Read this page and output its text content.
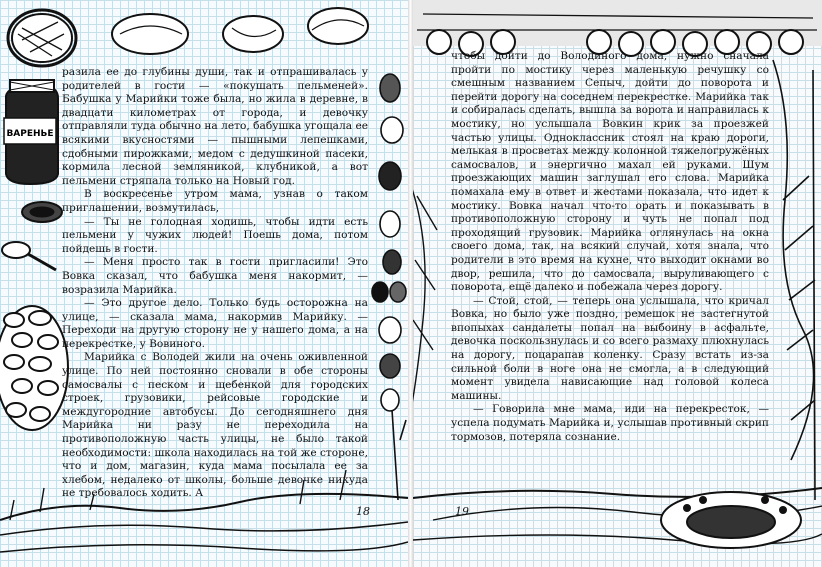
ВАРЕНЬЕ

разила ее до глубины души, так и отпрашивалась у родителей в гости — «покушать пельменей». Бабушка у Марийки тоже была, но жила в деревне, в двадцати километрах от города, и девочку отправляли туда обычно на лето, бабушка угощала ее всякими вкусностями — пышными лепешками, сдобными пирожками, медом с дедушкиной пасеки, кормила лесной земляникой, клубникой, а вот пельмени стряпала только на Новый год.

В воскресенье утром мама, узнав о таком приглашении, возмутилась,

— Ты не голодная ходишь, чтобы идти есть пельмени у чужих людей! Поешь дома, потом пойдешь в гости.

— Меня просто так в гости пригласили! Это Вовка сказал, что бабушка меня накормит, — возразила Марийка.

— Это другое дело. Только будь осторожна на улице, — сказала мама, накормив Марийку. — Переходи на другую сторону не у нашего дома, а на перекрестке, у Вовиного.

Марийка с Володей жили на очень оживленной улице. По ней постоянно сновали в обе стороны самосвалы с песком и щебенкой для городских строек, грузовики, рейсовые городские и междугородние автобусы. До сегодняшнего дня Марийка ни разу не переходила на противоположную часть улицы, не было такой необходимости: школа находилась на той же стороне, что и дом, магазин, куда мама посылала ее за хлебом, недалеко от школы, больше девочке никуда не требовалось ходить. А

18

чтобы дойти до Володиного дома, нужно сначала пройти по мостику через маленькую речушку со смешным названием Сепыч, дойти до поворота и перейти дорогу на соседнем перекрестке. Марийка так и собиралась сделать, вышла за ворота и направилась к мостику, но услышала Вовкин крик за проезжей частью улицы. Одноклассник стоял на краю дороги, мелькая в просветах между колонной тяжелогружёных самосвалов, и энергично махал ей руками. Шум проезжающих машин заглушал его слова. Марийка помахала ему в ответ и жестами показала, что идет к мостику. Вовка начал что-то орать и показывать в противоположную сторону и чуть не попал под проходящий грузовик. Марийка оглянулась на окна своего дома, так, на всякий случай, хотя знала, что родители в это время на кухне, что выходит окнами во двор, решила, что до самосвала, выруливающего с поворота, ещё далеко и побежала через дорогу.

— Стой, стой, — теперь она услышала, что кричал Вовка, но было уже поздно, ремешок не застегнутой впопыхах сандалеты попал на выбоину в асфальте, девочка поскользнулась и со всего размаху плюхнулась на дорогу, поцарапав коленку. Сразу встать из-за сильной боли в ноге она не смогла, а в следующий момент увидела нависающие над головой колеса машины.

— Говорила мне мама, иди на перекресток, — успела подумать Марийка и, услышав противный скрип тормозов, потеряла сознание.

19
